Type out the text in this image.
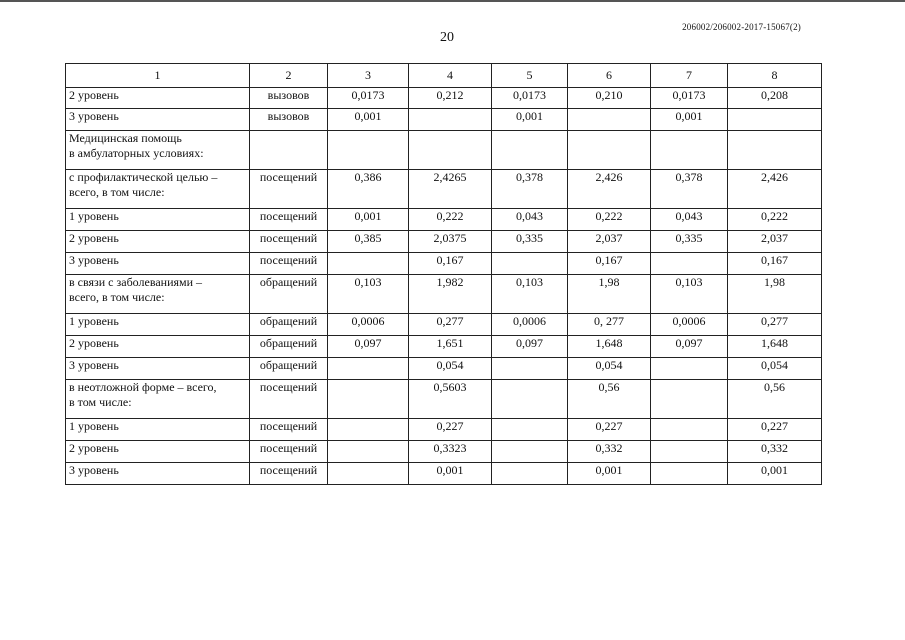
20
206002/206002-2017-15067(2)
1	2	3	4	5	6	7	8
2 уровень	вызовов	0,0173	0,212	0,0173	0,210	0,0173	0,208
3 уровень	вызовов	0,001		0,001		0,001	
Медицинская помощь
в амбулаторных условиях:							
с профилактической целью –
всего, в том числе:	посещений	0,386	2,4265	0,378	2,426	0,378	2,426
1 уровень	посещений	0,001	0,222	0,043	0,222	0,043	0,222
2 уровень	посещений	0,385	2,0375	0,335	2,037	0,335	2,037
3 уровень	посещений		0,167		0,167		0,167
в связи с заболеваниями –
всего, в том числе:	обращений	0,103	1,982	0,103	1,98	0,103	1,98
1 уровень	обращений	0,0006	0,277	0,0006	0, 277	0,0006	0,277
2 уровень	обращений	0,097	1,651	0,097	1,648	0,097	1,648
3 уровень	обращений		0,054		0,054		0,054
в неотложной форме – всего,
в том числе:	посещений		0,5603		0,56		0,56
1 уровень	посещений		0,227		0,227		0,227
2 уровень	посещений		0,3323		0,332		0,332
3 уровень	посещений		0,001		0,001		0,001
